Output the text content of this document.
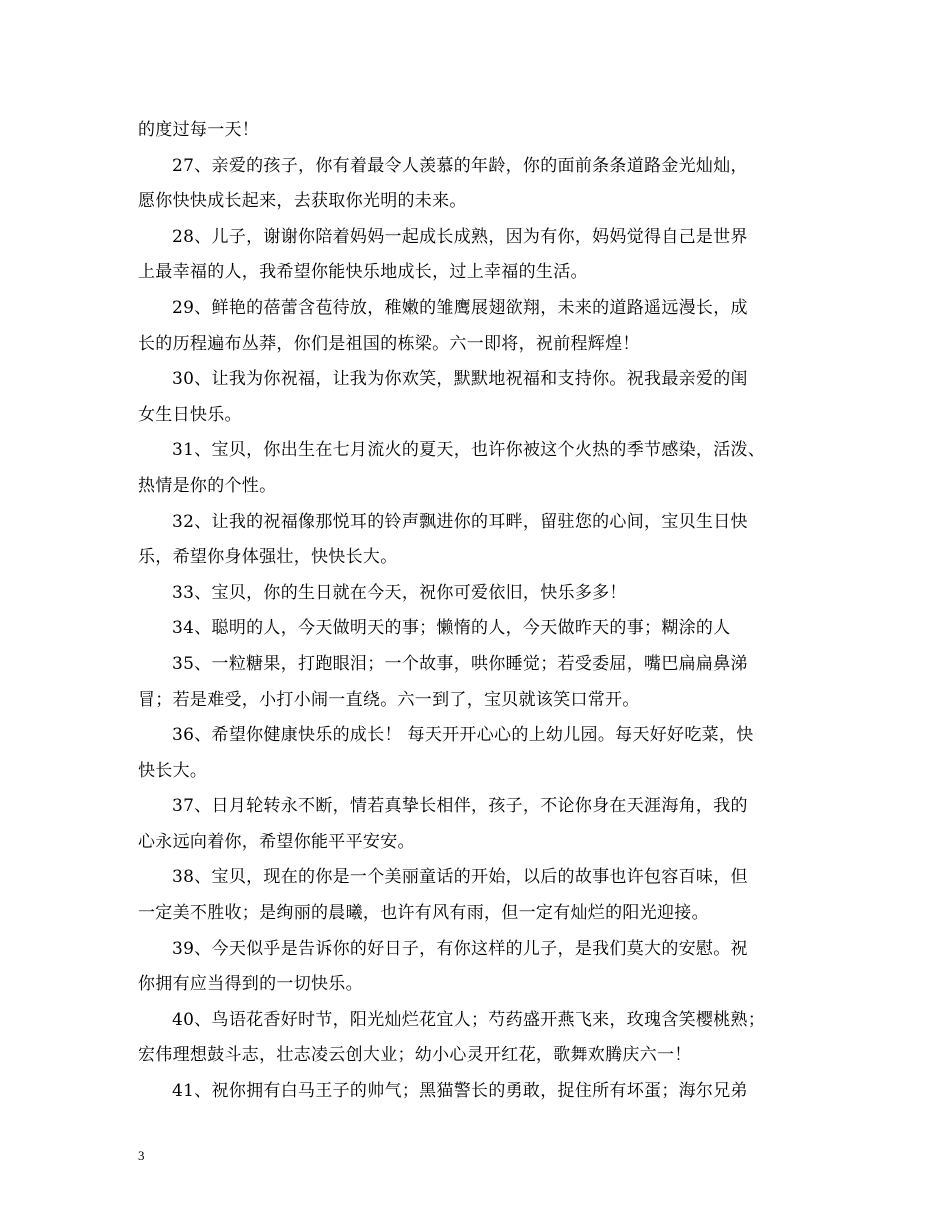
的度过每一天！
27、亲爱的孩子，你有着最令人羡慕的年龄，你的面前条条道路金光灿灿，
愿你快快成长起来，去获取你光明的未来。
28、儿子，谢谢你陪着妈妈一起成长成熟，因为有你，妈妈觉得自己是世界
上最幸福的人，我希望你能快乐地成长，过上幸福的生活。
29、鲜艳的蓓蕾含苞待放，稚嫩的雏鹰展翅欲翔，未来的道路遥远漫长，成
长的历程遍布丛莽，你们是祖国的栋梁。六一即将，祝前程辉煌！
30、让我为你祝福，让我为你欢笑，默默地祝福和支持你。祝我最亲爱的闺
女生日快乐。
31、宝贝，你出生在七月流火的夏天，也许你被这个火热的季节感染，活泼、
热情是你的个性。
32、让我的祝福像那悦耳的铃声飘进你的耳畔，留驻您的心间，宝贝生日快
乐，希望你身体强壮，快快长大。
33、宝贝，你的生日就在今天，祝你可爱依旧，快乐多多！
34、聪明的人，今天做明天的事；懒惰的人，今天做昨天的事；糊涂的人
35、一粒糖果，打跑眼泪；一个故事，哄你睡觉；若受委屈，嘴巴扁扁鼻涕
冒；若是难受，小打小闹一直绕。六一到了，宝贝就该笑口常开。
36、希望你健康快乐的成长！ 每天开开心心的上幼儿园。每天好好吃菜，快
快长大。
37、日月轮转永不断，情若真挚长相伴，孩子，不论你身在天涯海角，我的
心永远向着你，希望你能平平安安。
38、宝贝，现在的你是一个美丽童话的开始，以后的故事也许包容百味，但
一定美不胜收；是绚丽的晨曦，也许有风有雨，但一定有灿烂的阳光迎接。
39、今天似乎是告诉你的好日子，有你这样的儿子，是我们莫大的安慰。祝
你拥有应当得到的一切快乐。
40、鸟语花香好时节，阳光灿烂花宜人；芍药盛开燕飞来，玫瑰含笑樱桃熟；
宏伟理想鼓斗志，壮志凌云创大业；幼小心灵开红花，歌舞欢腾庆六一！
41、祝你拥有白马王子的帅气；黑猫警长的勇敢，捉住所有坏蛋；海尔兄弟
3
